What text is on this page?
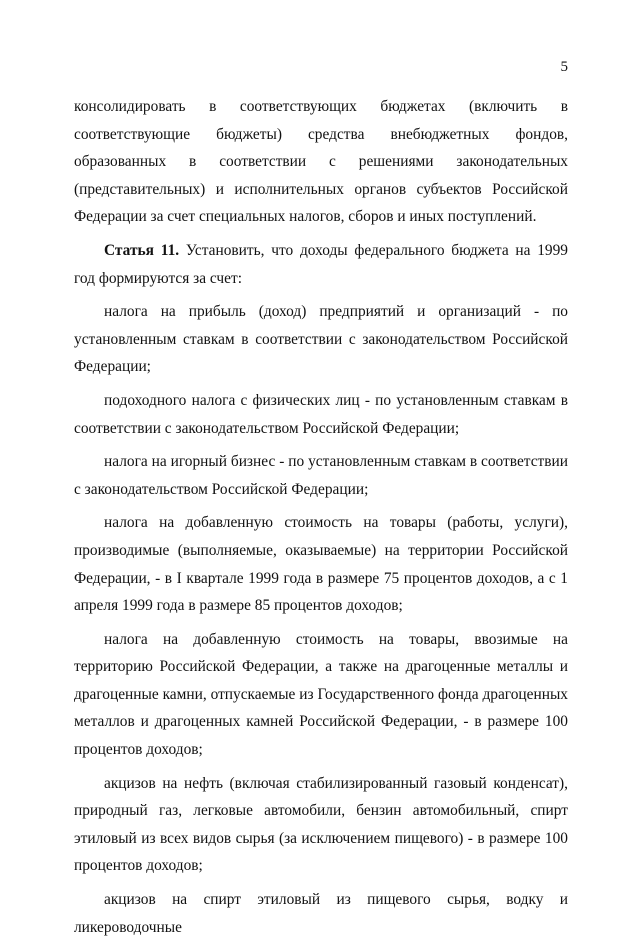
5

консолидировать в соответствующих бюджетах (включить в соответствующие бюджеты) средства внебюджетных фондов, образованных в соответствии с решениями законодательных (представительных) и исполнительных органов субъектов Российской Федерации за счет специальных налогов, сборов и иных поступлений.

Статья 11. Установить, что доходы федерального бюджета на 1999 год формируются за счет:

налога на прибыль (доход) предприятий и организаций - по установленным ставкам в соответствии с законодательством Российской Федерации;

подоходного налога с физических лиц - по установленным ставкам в соответствии с законодательством Российской Федерации;

налога на игорный бизнес - по установленным ставкам в соответствии с законодательством Российской Федерации;

налога на добавленную стоимость на товары (работы, услуги), производимые (выполняемые, оказываемые) на территории Российской Федерации, - в I квартале 1999 года в размере 75 процентов доходов, а с 1 апреля 1999 года в размере 85 процентов доходов;

налога на добавленную стоимость на товары, ввозимые на территорию Российской Федерации, а также на драгоценные металлы и драгоценные камни, отпускаемые из Государственного фонда драгоценных металлов и драгоценных камней Российской Федерации, - в размере 100 процентов доходов;

акцизов на нефть (включая стабилизированный газовый конденсат), природный газ, легковые автомобили, бензин автомобильный, спирт этиловый из всех видов сырья (за исключением пищевого) - в размере 100 процентов доходов;

акцизов на спирт этиловый из пищевого сырья, водку и ликероводочные
